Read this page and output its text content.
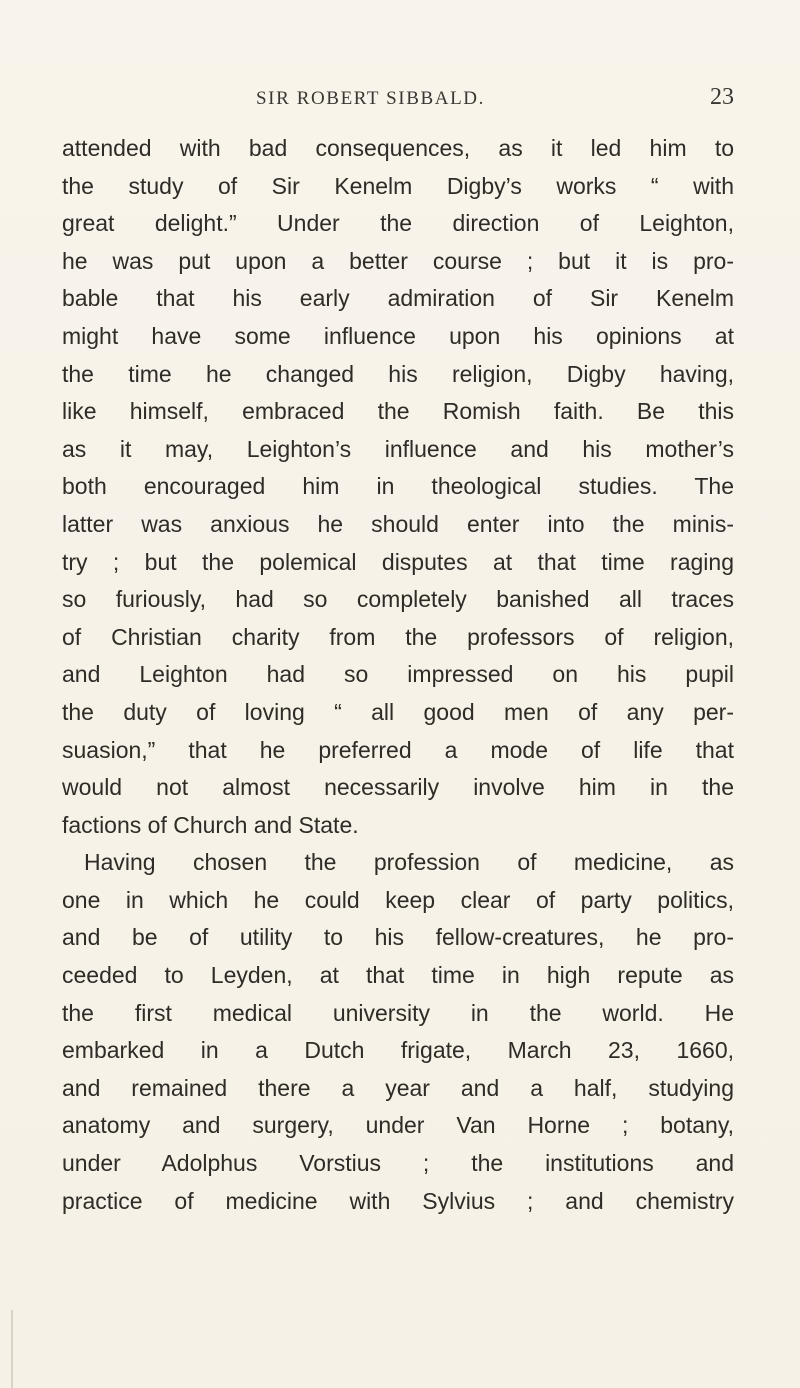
SIR ROBERT SIBBALD.	23
attended with bad consequences, as it led him to
the study of Sir Kenelm Digby’s works “ with
great delight.” Under the direction of Leighton,
he was put upon a better course ; but it is pro-
bable that his early admiration of Sir Kenelm
might have some influence upon his opinions at
the time he changed his religion, Digby having,
like himself, embraced the Romish faith. Be this
as it may, Leighton’s influence and his mother’s
both encouraged him in theological studies. The
latter was anxious he should enter into the minis-
try ; but the polemical disputes at that time raging
so furiously, had so completely banished all traces
of Christian charity from the professors of religion,
and Leighton had so impressed on his pupil
the duty of loving “ all good men of any per-
suasion,” that he preferred a mode of life that
would not almost necessarily involve him in the
factions of Church and State.
Having chosen the profession of medicine, as
one in which he could keep clear of party politics,
and be of utility to his fellow-creatures, he pro-
ceeded to Leyden, at that time in high repute as
the first medical university in the world. He
embarked in a Dutch frigate, March 23, 1660,
and remained there a year and a half, studying
anatomy and surgery, under Van Horne ; botany,
under Adolphus Vorstius ; the institutions and
practice of medicine with Sylvius ; and chemistry
